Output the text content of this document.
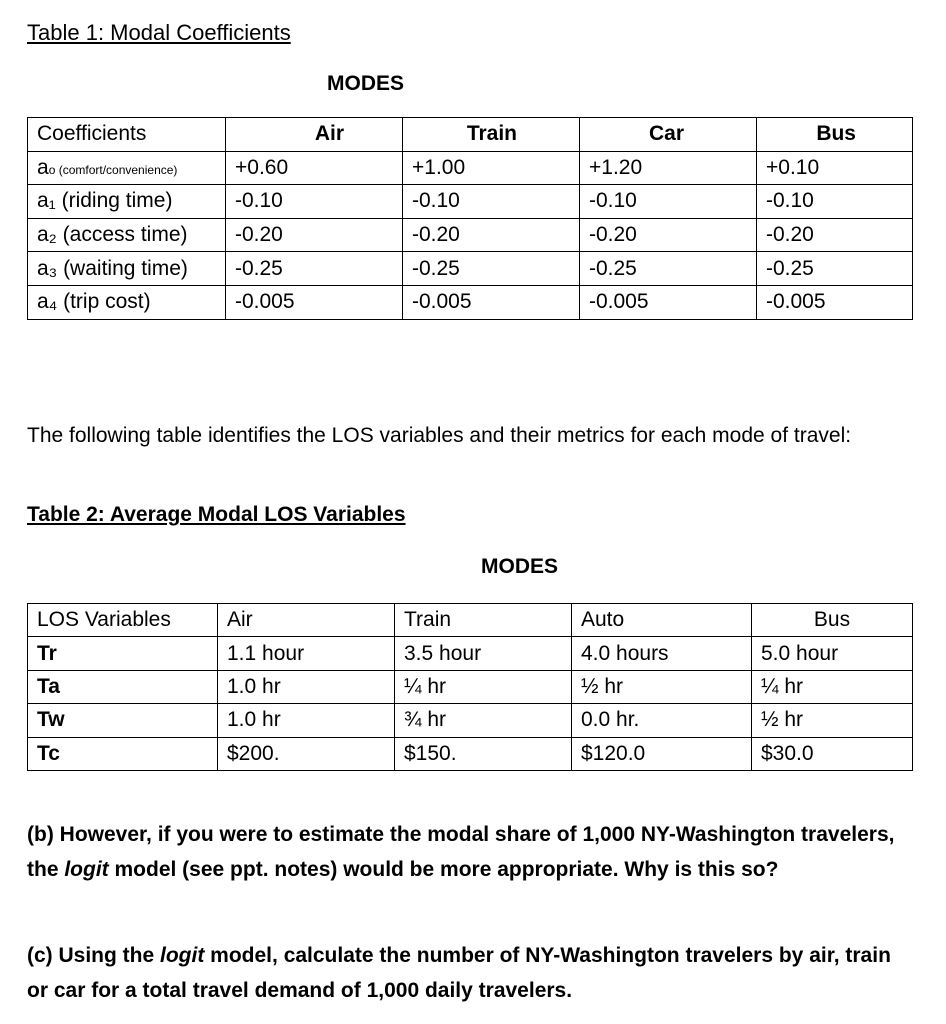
Table 1: Modal Coefficients
MODES
Coefficients	Air	Train	Car	Bus
ao (comfort/convenience)	+0.60	+1.00	+1.20	+0.10
a₁ (riding time)	-0.10	-0.10	-0.10	-0.10
a₂ (access time)	-0.20	-0.20	-0.20	-0.20
a₃ (waiting time)	-0.25	-0.25	-0.25	-0.25
a₄ (trip cost)	-0.005	-0.005	-0.005	-0.005
The following table identifies the LOS variables and their metrics for each mode of travel:
Table 2: Average Modal LOS Variables
MODES
LOS Variables	Air	Train	Auto	Bus
Tr	1.1 hour	3.5 hour	4.0 hours	5.0 hour
Ta	1.0 hr	¼ hr	½ hr	¼ hr
Tw	1.0 hr	¾ hr	0.0 hr.	½ hr
Tc	$200.	$150.	$120.0	$30.0
(b) However, if you were to estimate the modal share of 1,000 NY-Washington travelers, the logit model (see ppt. notes) would be more appropriate. Why is this so?
(c) Using the logit model, calculate the number of NY-Washington travelers by air, train or car for a total travel demand of 1,000 daily travelers.
